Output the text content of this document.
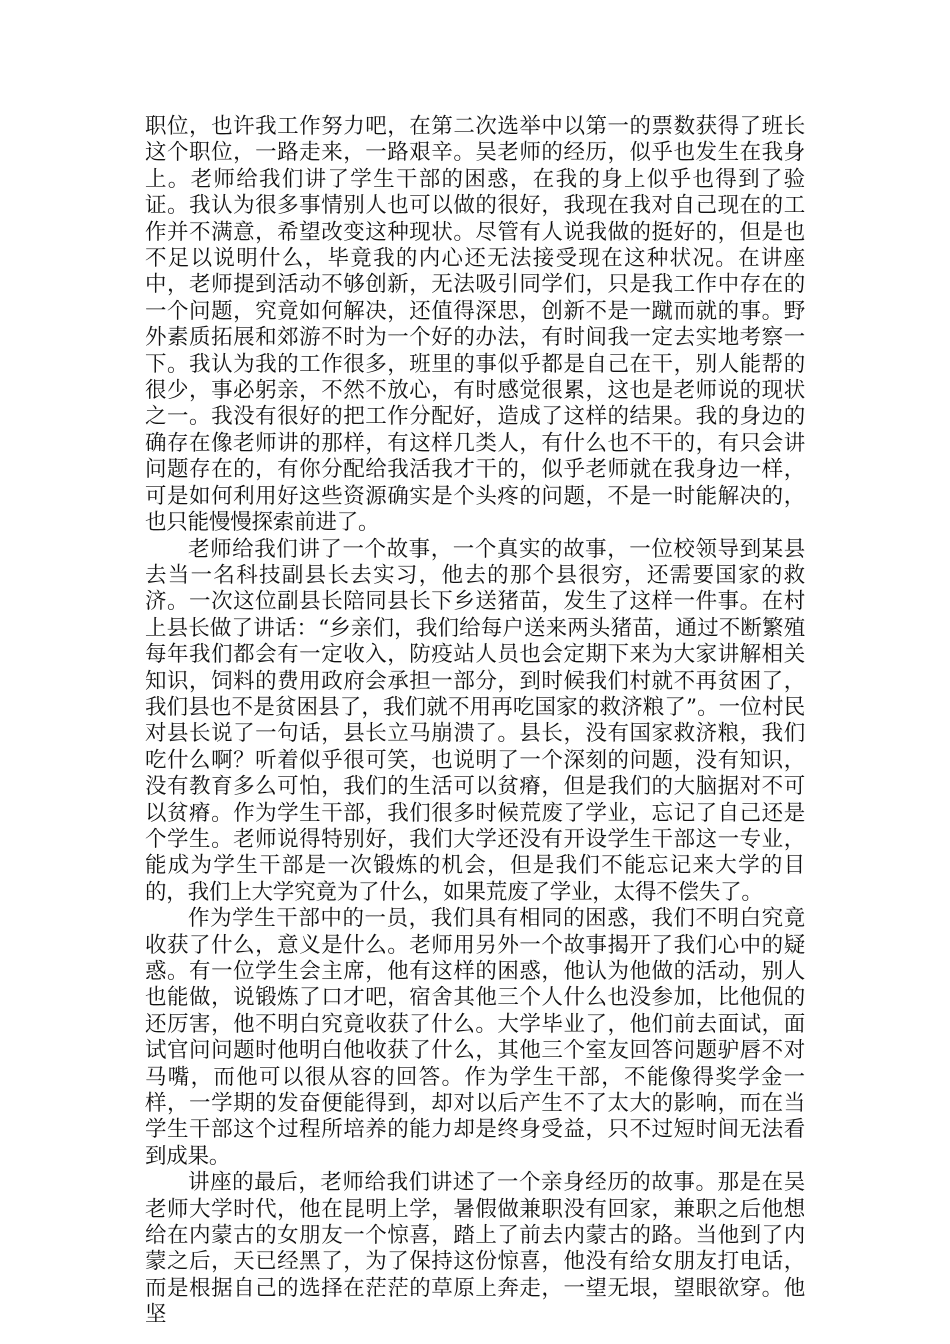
职位，也许我工作努力吧，在第二次选举中以第一的票数获得了班长这个职位，一路走来，一路艰辛。吴老师的经历，似乎也发生在我身上。老师给我们讲了学生干部的困惑，在我的身上似乎也得到了验证。我认为很多事情别人也可以做的很好，我现在我对自己现在的工作并不满意，希望改变这种现状。尽管有人说我做的挺好的，但是也不足以说明什么，毕竟我的内心还无法接受现在这种状况。在讲座中，老师提到活动不够创新，无法吸引同学们，只是我工作中存在的一个问题，究竟如何解决，还值得深思，创新不是一蹴而就的事。野外素质拓展和郊游不时为一个好的办法，有时间我一定去实地考察一下。我认为我的工作很多，班里的事似乎都是自己在干，别人能帮的很少，事必躬亲，不然不放心，有时感觉很累，这也是老师说的现状之一。我没有很好的把工作分配好，造成了这样的结果。我的身边的确存在像老师讲的那样，有这样几类人，有什么也不干的，有只会讲问题存在的，有你分配给我活我才干的，似乎老师就在我身边一样，可是如何利用好这些资源确实是个头疼的问题，不是一时能解决的，也只能慢慢探索前进了。

老师给我们讲了一个故事，一个真实的故事，一位校领导到某县去当一名科技副县长去实习，他去的那个县很穷，还需要国家的救济。一次这位副县长陪同县长下乡送猪苗，发生了这样一件事。在村上县长做了讲话：“乡亲们，我们给每户送来两头猪苗，通过不断繁殖每年我们都会有一定收入，防疫站人员也会定期下来为大家讲解相关知识，饲料的费用政府会承担一部分，到时候我们村就不再贫困了，我们县也不是贫困县了，我们就不用再吃国家的救济粮了”。一位村民对县长说了一句话，县长立马崩溃了。县长，没有国家救济粮，我们吃什么啊？听着似乎很可笑，也说明了一个深刻的问题，没有知识，没有教育多么可怕，我们的生活可以贫瘠，但是我们的大脑据对不可以贫瘠。作为学生干部，我们很多时候荒废了学业，忘记了自己还是个学生。老师说得特别好，我们大学还没有开设学生干部这一专业，能成为学生干部是一次锻炼的机会，但是我们不能忘记来大学的目的，我们上大学究竟为了什么，如果荒废了学业，太得不偿失了。

作为学生干部中的一员，我们具有相同的困惑，我们不明白究竟收获了什么，意义是什么。老师用另外一个故事揭开了我们心中的疑惑。有一位学生会主席，他有这样的困惑，他认为他做的活动，别人也能做，说锻炼了口才吧，宿舍其他三个人什么也没参加，比他侃的还厉害，他不明白究竟收获了什么。大学毕业了，他们前去面试，面试官问问题时他明白他收获了什么，其他三个室友回答问题驴唇不对马嘴，而他可以很从容的回答。作为学生干部，不能像得奖学金一样，一学期的发奋便能得到，却对以后产生不了太大的影响，而在当学生干部这个过程所培养的能力却是终身受益，只不过短时间无法看到成果。

讲座的最后，老师给我们讲述了一个亲身经历的故事。那是在吴老师大学时代，他在昆明上学，暑假做兼职没有回家，兼职之后他想给在内蒙古的女朋友一个惊喜，踏上了前去内蒙古的路。当他到了内蒙之后，天已经黑了，为了保持这份惊喜，他没有给女朋友打电话，而是根据自己的选择在茫茫的草原上奔走，一望无垠，望眼欲穿。他坚
